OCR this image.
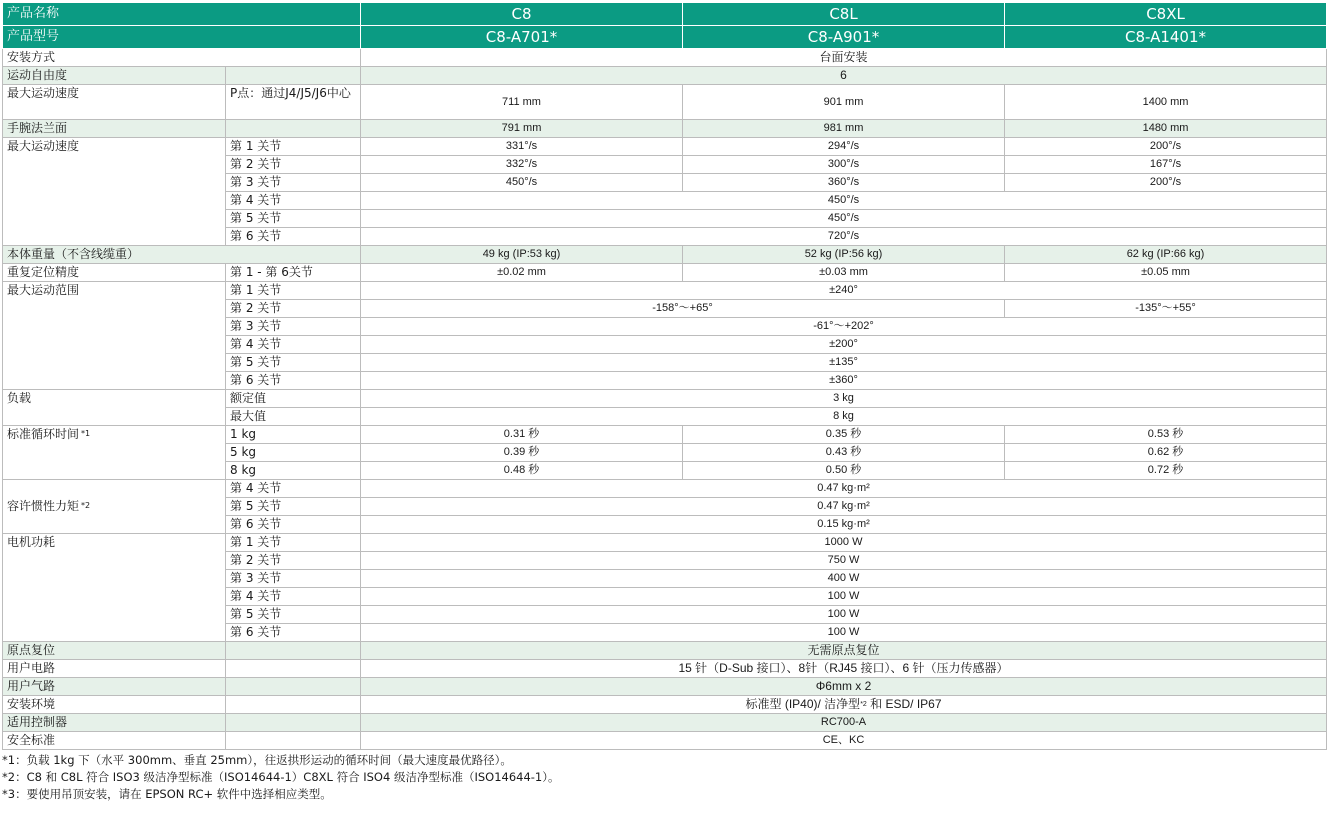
产品名称		C8	C8L	C8XL
产品型号		C8-A701*	C8-A901*	C8-A1401*
安装方式		台面安装		
运动自由度		6		
最大运动速度	P点：通过J4/J5/J6中心	711 mm	901 mm	1400 mm
手腕法兰面		791 mm	981 mm	1480 mm
最大运动速度	第 1 关节	331°/s	294°/s	200°/s
	第 2 关节	332°/s	300°/s	167°/s
	第 3 关节	450°/s	360°/s	200°/s
	第 4 关节	450°/s		
	第 5 关节	450°/s		
	第 6 关节	720°/s		
本体重量（不含线缆重）		49 kg (IP:53 kg)	52 kg (IP:56 kg)	62 kg (IP:66 kg)
重复定位精度	第 1 - 第 6关节	±0.02 mm	±0.03 mm	±0.05 mm
最大运动范围	第 1 关节	±240°		
	第 2 关节	-158°～+65°		-135°～+55°
	第 3 关节	-61°～+202°		
	第 4 关节	±200°		
	第 5 关节	±135°		
	第 6 关节	±360°		
负载	额定值	3 kg		
	最大值	8 kg		
标准循环时间 $^{*1}$	1 kg	0.31 秒	0.35 秒	0.53 秒
	5 kg	0.39 秒	0.43 秒	0.62 秒
	8 kg	0.48 秒	0.50 秒	0.72 秒
容许惯性力矩 $^{*2}$	第 4 关节	0.47 kg·m²		
	第 5 关节	0.47 kg·m²		
	第 6 关节	0.15 kg·m²		
电机功耗	第 1 关节	1000 W		
	第 2 关节	750 W		
	第 3 关节	400 W		
	第 4 关节	100 W		
	第 5 关节	100 W		
	第 6 关节	100 W		
原点复位		无需原点复位		
用户电路		15 针（D-Sub 接口）、8针（RJ45 接口）、6 针（压力传感器）		
用户气路		Φ6mm x 2		
安装环境		标准型 (IP40)/ 洁净型$^{*2}$ 和 ESD/ IP67		
适用控制器		RC700-A		
安全标准		CE、KC		
*1：负载 1kg 下（水平 300mm、垂直 25mm），往返拱形运动的循环时间（最大速度最优路径）。
*2：C8 和 C8L 符合 ISO3 级洁净型标准（ISO14644-1）C8XL 符合 ISO4 级洁净型标准（ISO14644-1）。
*3：要使用吊顶安装，请在 EPSON RC+ 软件中选择相应类型。
